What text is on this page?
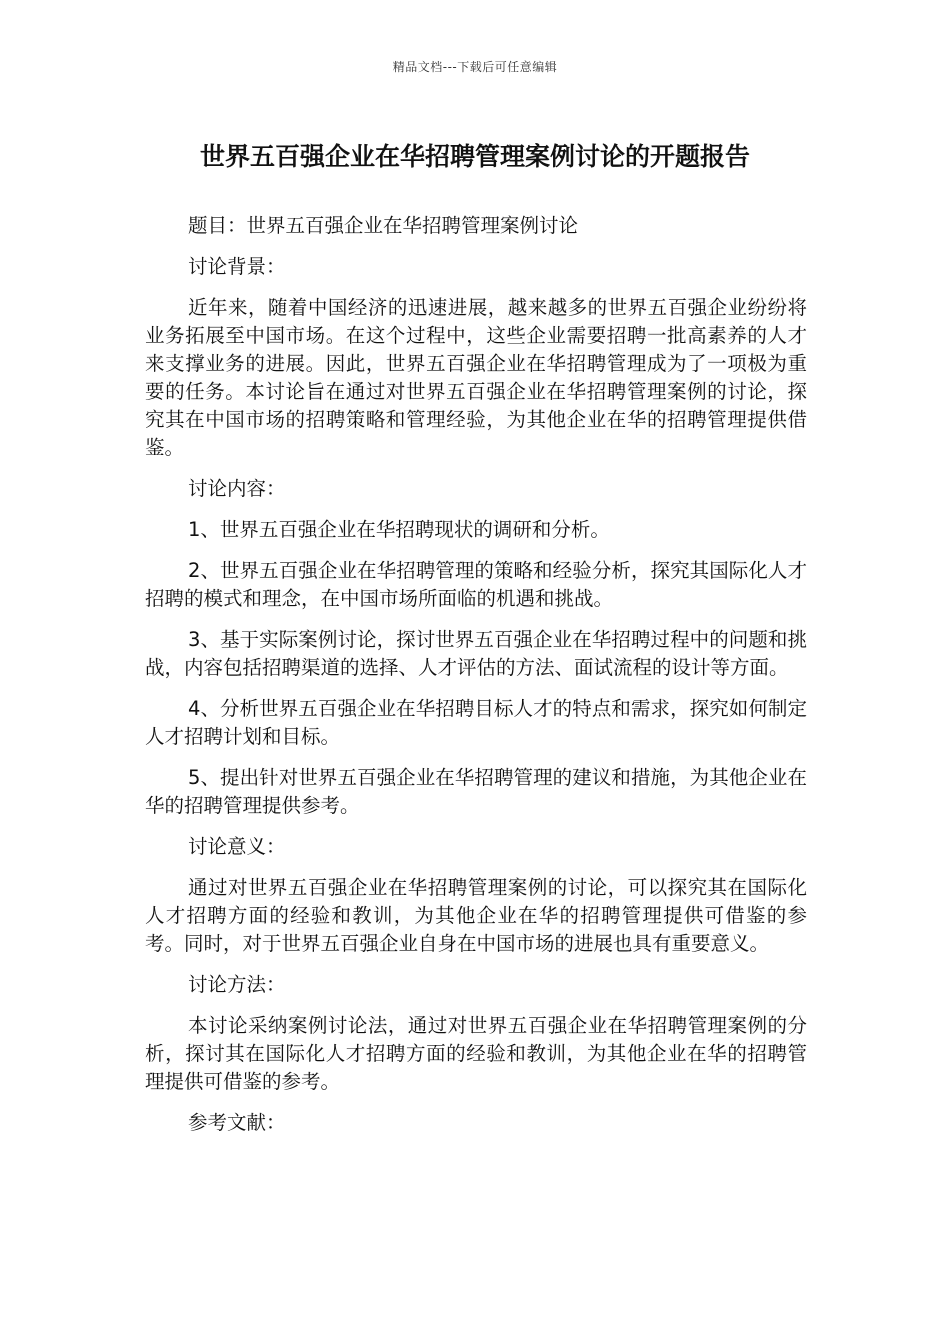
精品文档---下载后可任意编辑
世界五百强企业在华招聘管理案例讨论的开题报告

题目：世界五百强企业在华招聘管理案例讨论

讨论背景：

近年来，随着中国经济的迅速进展，越来越多的世界五百强企业纷纷将业务拓展至中国市场。在这个过程中，这些企业需要招聘一批高素养的人才来支撑业务的进展。因此，世界五百强企业在华招聘管理成为了一项极为重要的任务。本讨论旨在通过对世界五百强企业在华招聘管理案例的讨论，探究其在中国市场的招聘策略和管理经验，为其他企业在华的招聘管理提供借鉴。

讨论内容：

1、世界五百强企业在华招聘现状的调研和分析。

2、世界五百强企业在华招聘管理的策略和经验分析，探究其国际化人才招聘的模式和理念，在中国市场所面临的机遇和挑战。

3、基于实际案例讨论，探讨世界五百强企业在华招聘过程中的问题和挑战，内容包括招聘渠道的选择、人才评估的方法、面试流程的设计等方面。

4、分析世界五百强企业在华招聘目标人才的特点和需求，探究如何制定人才招聘计划和目标。

5、提出针对世界五百强企业在华招聘管理的建议和措施，为其他企业在华的招聘管理提供参考。

讨论意义：

通过对世界五百强企业在华招聘管理案例的讨论，可以探究其在国际化人才招聘方面的经验和教训，为其他企业在华的招聘管理提供可借鉴的参考。同时，对于世界五百强企业自身在中国市场的进展也具有重要意义。

讨论方法：

本讨论采纳案例讨论法，通过对世界五百强企业在华招聘管理案例的分析，探讨其在国际化人才招聘方面的经验和教训，为其他企业在华的招聘管理提供可借鉴的参考。

参考文献：
